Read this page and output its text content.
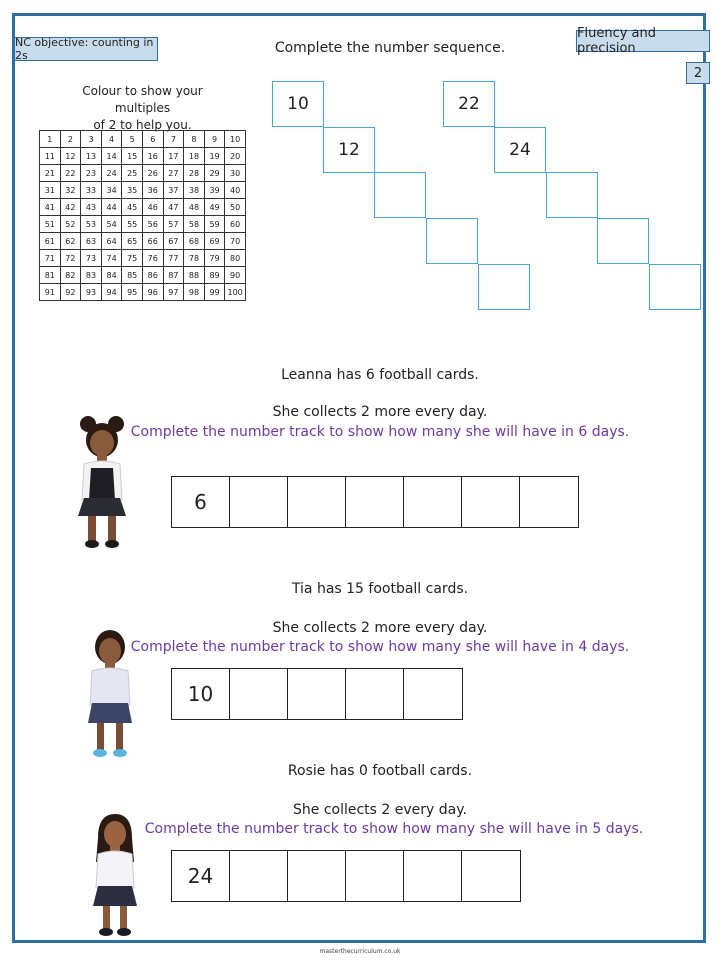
NC objective: counting in 2s
Fluency and precision
2
Complete the number sequence.
Colour to show your multiples
of 2 to help you.
1	2	3	4	5	6	7	8	9	10
11	12	13	14	15	16	17	18	19	20
21	22	23	24	25	26	27	28	29	30
31	32	33	34	35	36	37	38	39	40
41	42	43	44	45	46	47	48	49	50
51	52	53	54	55	56	57	58	59	60
61	62	63	64	65	66	67	68	69	70
71	72	73	74	75	76	77	78	79	80
81	82	83	84	85	86	87	88	89	90
91	92	93	94	95	96	97	98	99	100
10
12
22
24
Leanna has 6 football cards.
She collects 2 more every day.
Complete the number track to show how many she will have in 6 days.
6
Tia has 15 football cards.
She collects 2 more every day.
Complete the number track to show how many she will have in 4 days.
10
Rosie has 0 football cards.
She collects 2 every day.
Complete the number track to show how many she will have in 5 days.
24
masterthecurriculum.co.uk
